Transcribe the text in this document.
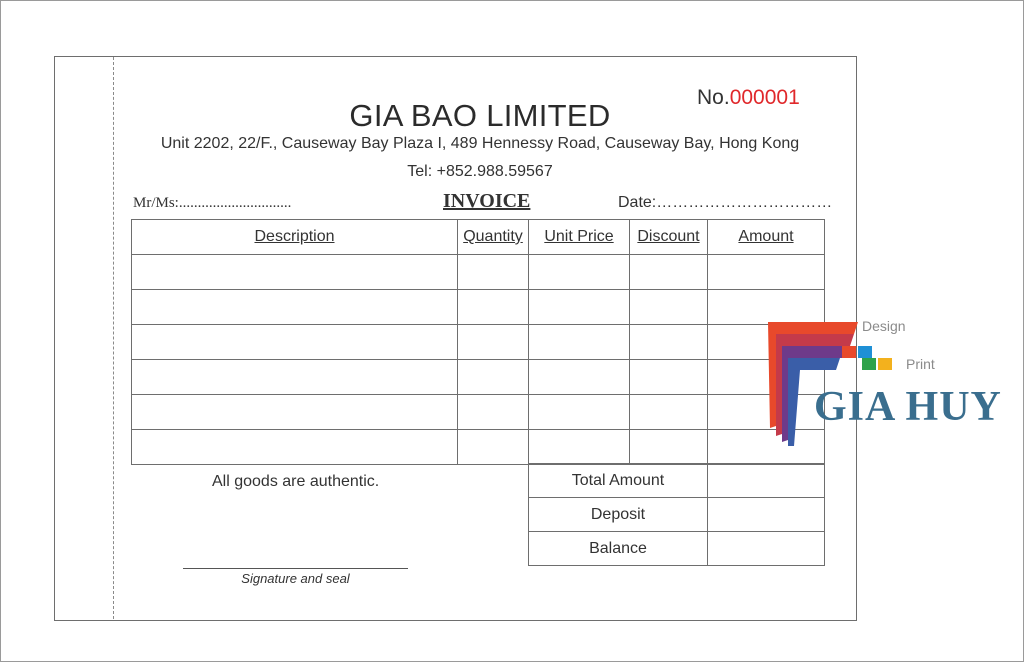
GIA BAO LIMITED
No.000001
Unit 2202, 22/F., Causeway Bay Plaza I, 489 Hennessy Road, Causeway Bay, Hong Kong
Tel: +852.988.59567
Mr/Ms:..............................	INVOICE	Date:……………………………
Description	Quantity	Unit Price	Discount	Amount

All goods are authentic.	Total Amount	
Deposit	
Balance	
Signature and seal
Design
Print
GIA HUY
